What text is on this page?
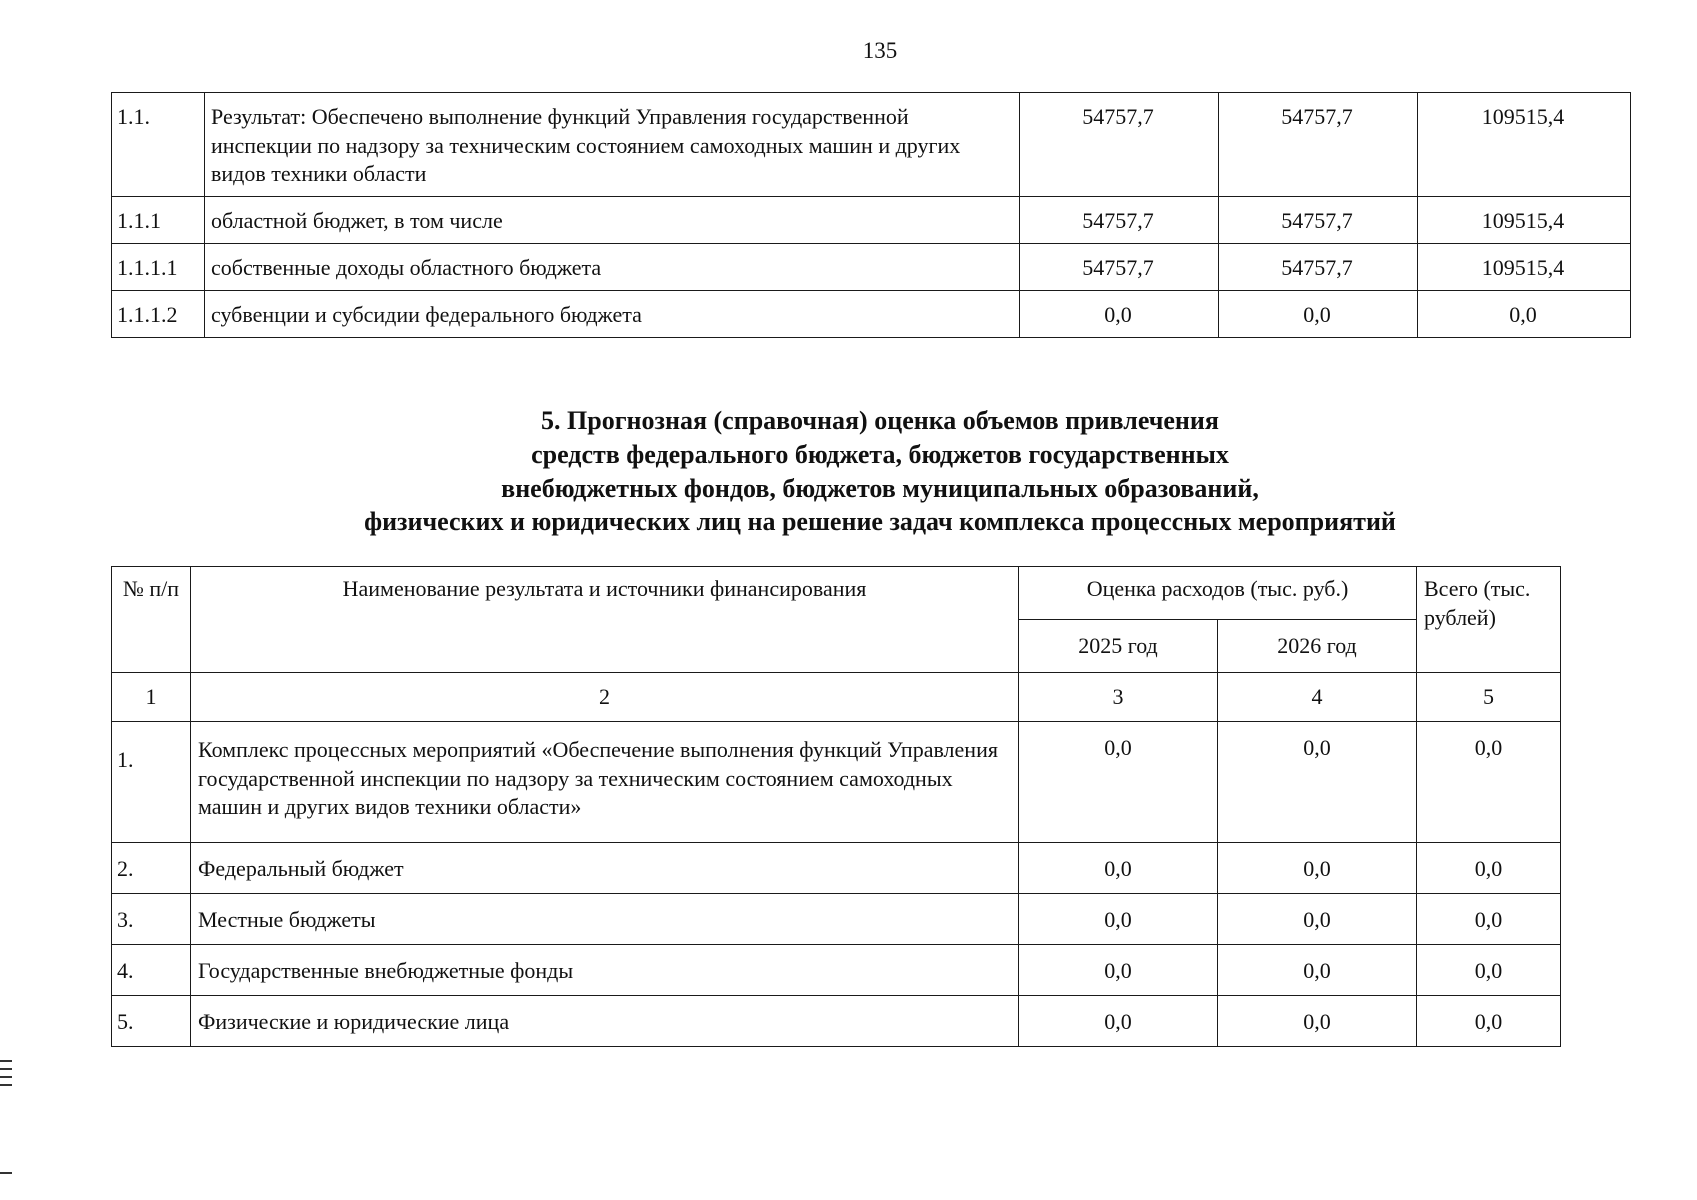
135
1.1.	Результат: Обеспечено выполнение функций Управления государственной инспекции по надзору за техническим состоянием самоходных машин и других видов техники области	54757,7	54757,7	109515,4
1.1.1	областной бюджет, в том числе	54757,7	54757,7	109515,4
1.1.1.1	собственные доходы областного бюджета	54757,7	54757,7	109515,4
1.1.1.2	субвенции и субсидии федерального бюджета	0,0	0,0	0,0
5. Прогнозная (справочная) оценка объемов привлечения
средств федерального бюджета, бюджетов государственных
внебюджетных фондов, бюджетов муниципальных образований,
физических и юридических лиц на решение задач комплекса процессных мероприятий
№ п/п	Наименование результата и источники финансирования	Оценка расходов (тыс. руб.)		Всего (тыс. рублей)
		2025 год	2026 год	
1	2	3	4	5
1.	Комплекс процессных мероприятий «Обеспечение выполнения функций Управления государственной инспекции по надзору за техническим состоянием самоходных машин и других видов техники области»	0,0	0,0	0,0
2.	Федеральный бюджет	0,0	0,0	0,0
3.	Местные бюджеты	0,0	0,0	0,0
4.	Государственные внебюджетные фонды	0,0	0,0	0,0
5.	Физические и юридические лица	0,0	0,0	0,0
